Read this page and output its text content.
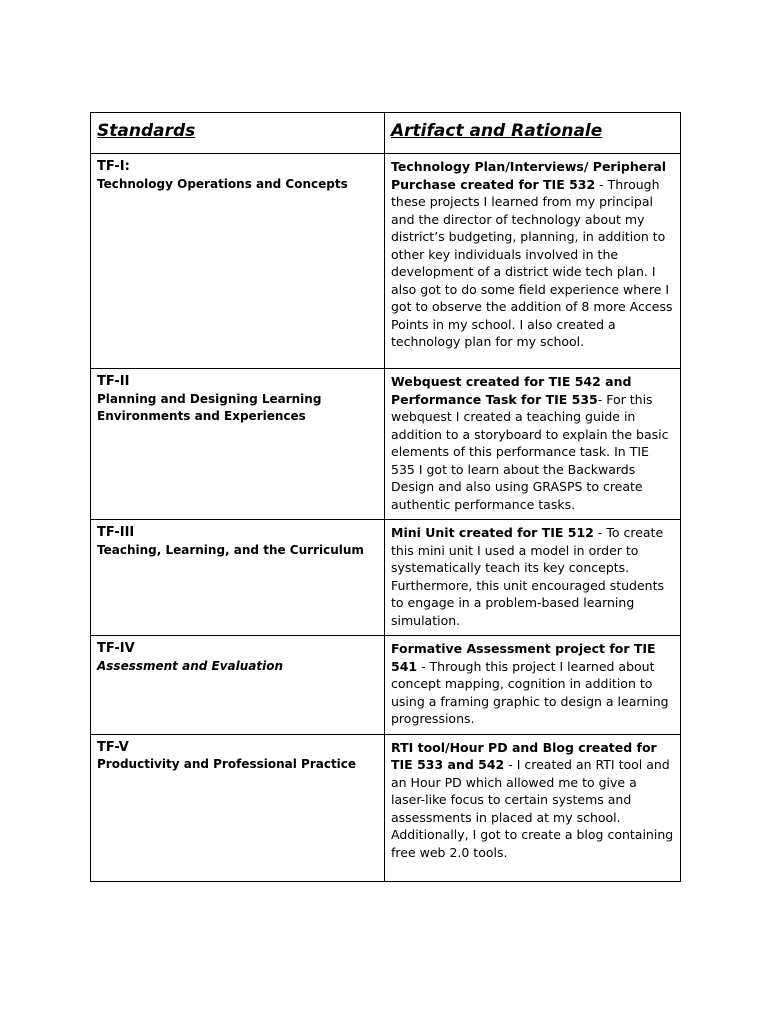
Standards	Artifact and Rationale

TF-I:
Technology Operations and Concepts	Technology Plan/Interviews/ Peripheral Purchase created for TIE 532 - Through these projects I learned from my principal and the director of technology about my district’s budgeting, planning, in addition to other key individuals involved in the development of a district wide tech plan. I also got to do some field experience where I got to observe the addition of 8 more Access Points in my school. I also created a technology plan for my school.

TF-II
Planning and Designing Learning Environments and Experiences	Webquest created for TIE 542 and Performance Task for TIE 535- For this webquest I created a teaching guide in addition to a storyboard to explain the basic elements of this performance task. In TIE 535 I got to learn about the Backwards Design and also using GRASPS to create authentic performance tasks.

TF-III
Teaching, Learning, and the Curriculum	Mini Unit created for TIE 512 - To create this mini unit I used a model in order to systematically teach its key concepts. Furthermore, this unit encouraged students to engage in a problem-based learning simulation.

TF-IV
Assessment and Evaluation	Formative Assessment project for TIE 541 - Through this project I learned about concept mapping, cognition in addition to using a framing graphic to design a learning progressions.

TF-V
Productivity and Professional Practice	RTI tool/Hour PD and Blog created for TIE 533 and 542 - I created an RTI tool and an Hour PD which allowed me to give a laser-like focus to certain systems and assessments in placed at my school. Additionally, I got to create a blog containing free web 2.0 tools.
